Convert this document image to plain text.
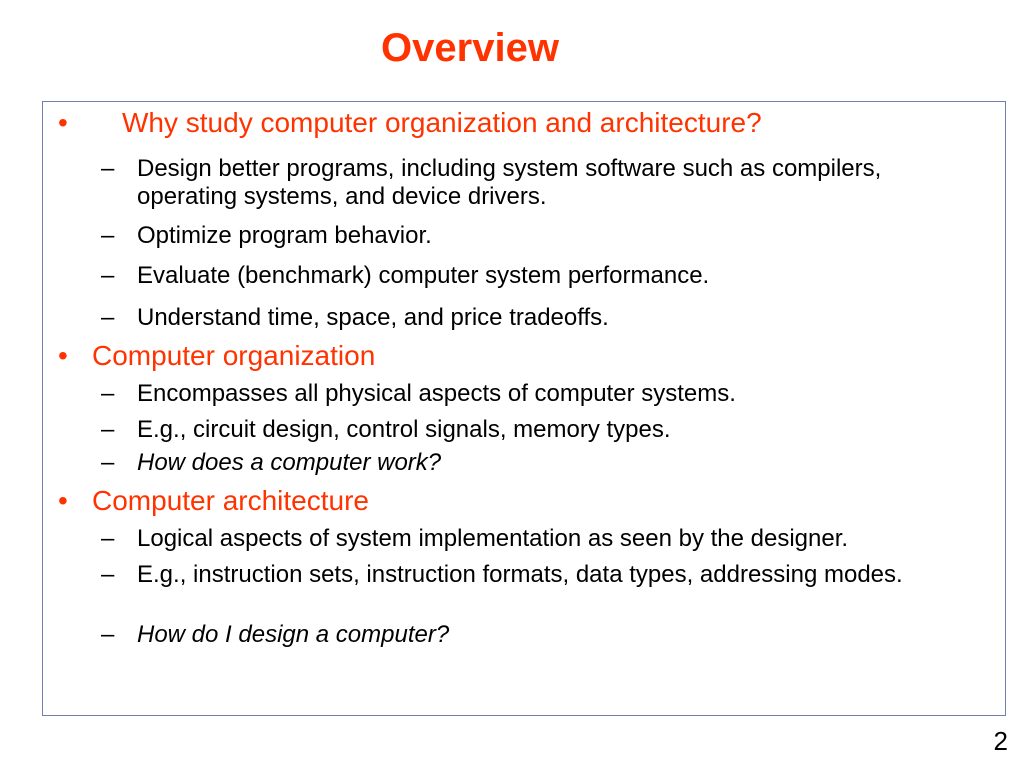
Overview
• Why study computer organization and architecture?
– Design better programs, including system software such as compilers, operating systems, and device drivers.
– Optimize program behavior.
– Evaluate (benchmark) computer system performance.
– Understand time, space, and price tradeoffs.
• Computer organization
– Encompasses all physical aspects of computer systems.
– E.g., circuit design, control signals, memory types.
– How does a computer work?
• Computer architecture
– Logical aspects of system implementation as seen by the designer.
– E.g., instruction sets, instruction formats, data types, addressing modes.
– How do I design a computer?
2
